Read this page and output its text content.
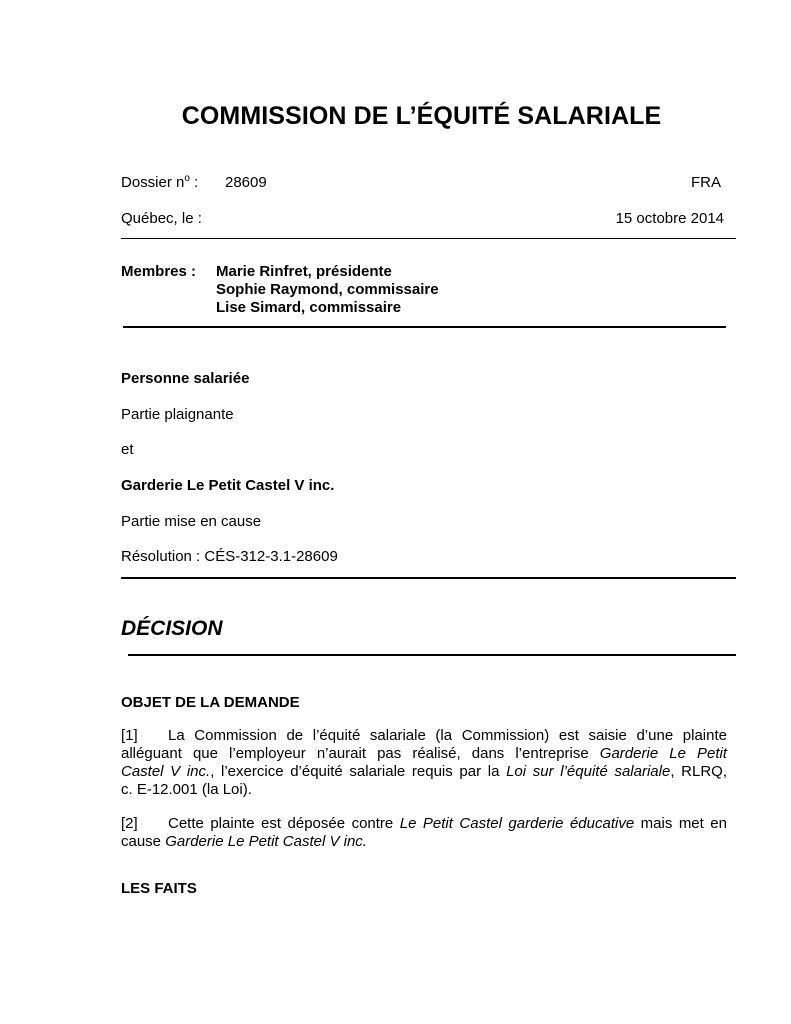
COMMISSION DE L’ÉQUITÉ SALARIALE
Dossier $n^o$ : 28609	FRA
Québec, le :	15 octobre 2014
Membres : Marie Rinfret, présidente
Sophie Raymond, commissaire
Lise Simard, commissaire
Personne salariée
Partie plaignante
et
Garderie Le Petit Castel V inc.
Partie mise en cause
Résolution : CÉS-312-3.1-28609
DÉCISION
OBJET DE LA DEMANDE
[1] La Commission de l’équité salariale (la Commission) est saisie d’une plainte
alléguant que l’employeur n’aurait pas réalisé, dans l’entreprise Garderie Le Petit
Castel V inc., l’exercice d’équité salariale requis par la Loi sur l’équité salariale, RLRQ,
c. E-12.001 (la Loi).
[2] Cette plainte est déposée contre Le Petit Castel garderie éducative mais met en
cause Garderie Le Petit Castel V inc.
LES FAITS
